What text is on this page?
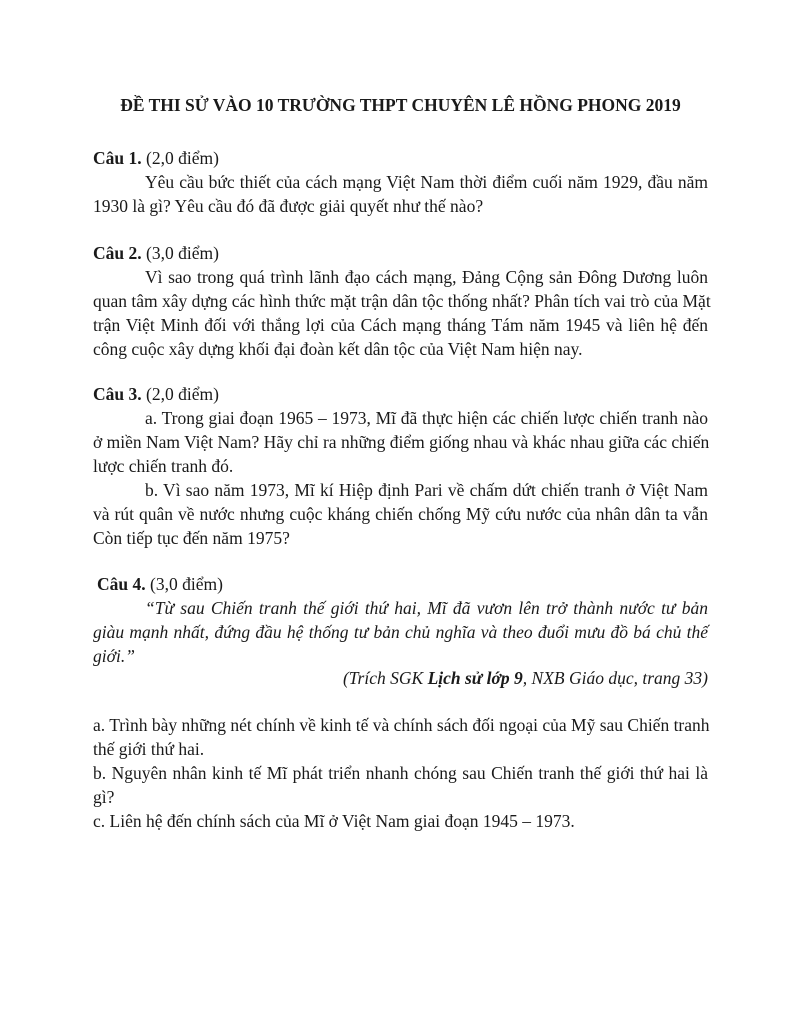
ĐỀ THI SỬ VÀO 10 TRƯỜNG THPT CHUYÊN LÊ HỒNG PHONG 2019
Câu 1. (2,0 điểm)
Yêu cầu bức thiết của cách mạng Việt Nam thời điểm cuối năm 1929, đầu năm
1930 là gì? Yêu cầu đó đã được giải quyết như thế nào?
Câu 2. (3,0 điểm)
Vì sao trong quá trình lãnh đạo cách mạng, Đảng Cộng sản Đông Dương luôn
quan tâm xây dựng các hình thức mặt trận dân tộc thống nhất? Phân tích vai trò của Mặt
trận Việt Minh đối với thắng lợi của Cách mạng tháng Tám năm 1945 và liên hệ đến
công cuộc xây dựng khối đại đoàn kết dân tộc của Việt Nam hiện nay.
Câu 3. (2,0 điểm)
a. Trong giai đoạn 1965 – 1973, Mĩ đã thực hiện các chiến lược chiến tranh nào
ở miền Nam Việt Nam? Hãy chỉ ra những điểm giống nhau và khác nhau giữa các chiến
lược chiến tranh đó.
b. Vì sao năm 1973, Mĩ kí Hiệp định Pari về chấm dứt chiến tranh ở Việt Nam
và rút quân về nước nhưng cuộc kháng chiến chống Mỹ cứu nước của nhân dân ta vẫn
Còn tiếp tục đến năm 1975?
Câu 4. (3,0 điểm)
“Từ sau Chiến tranh thế giới thứ hai, Mĩ đã vươn lên trở thành nước tư bản
giàu mạnh nhất, đứng đầu hệ thống tư bản chủ nghĩa và theo đuổi mưu đồ bá chủ thế
giới.”
(Trích SGK Lịch sử lớp 9, NXB Giáo dục, trang 33)
a. Trình bày những nét chính về kinh tế và chính sách đối ngoại của Mỹ sau Chiến tranh
thế giới thứ hai.
b. Nguyên nhân kinh tế Mĩ phát triển nhanh chóng sau Chiến tranh thế giới thứ hai là
gì?
c. Liên hệ đến chính sách của Mĩ ở Việt Nam giai đoạn 1945 – 1973.
